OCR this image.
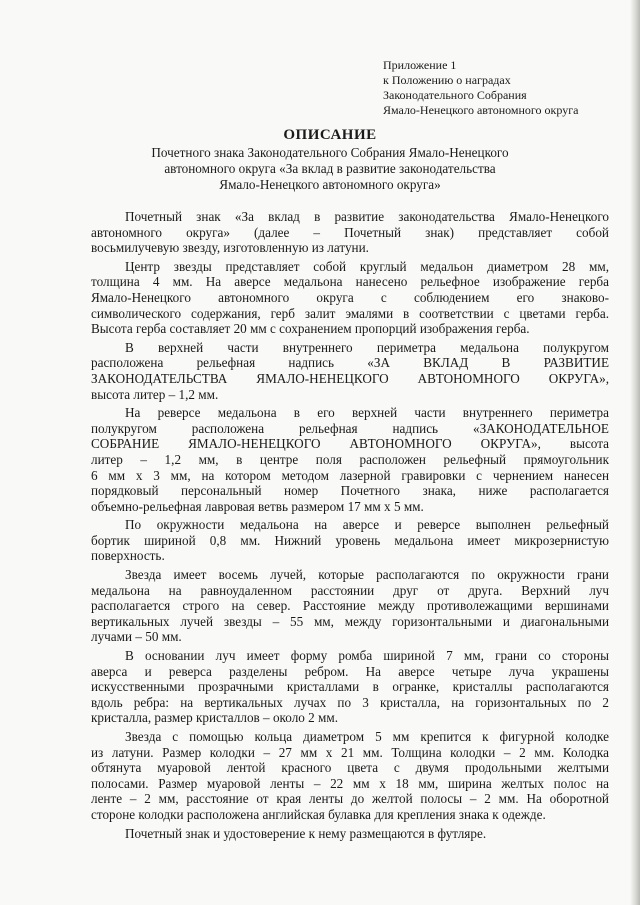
Приложение 1
к Положению о наградах
Законодательного Собрания
Ямало-Ненецкого автономного округа
ОПИСАНИЕ
Почетного знака Законодательного Собрания Ямало-Ненецкого
автономного округа «За вклад в развитие законодательства
Ямало-Ненецкого автономного округа»
Почетный знак «За вклад в развитие законодательства Ямало-Ненецкого
автономного округа» (далее – Почетный знак) представляет собой
восьмилучевую звезду, изготовленную из латуни.
Центр звезды представляет собой круглый медальон диаметром 28 мм,
толщина 4 мм. На аверсе медальона нанесено рельефное изображение герба
Ямало-Ненецкого автономного округа с соблюдением его знаково-
символического содержания, герб залит эмалями в соответствии с цветами герба.
Высота герба составляет 20 мм с сохранением пропорций изображения герба.
В верхней части внутреннего периметра медальона полукругом
расположена рельефная надпись «ЗА ВКЛАД В РАЗВИТИЕ
ЗАКОНОДАТЕЛЬСТВА ЯМАЛО-НЕНЕЦКОГО АВТОНОМНОГО ОКРУГА»,
высота литер – 1,2 мм.
На реверсе медальона в его верхней части внутреннего периметра
полукругом расположена рельефная надпись «ЗАКОНОДАТЕЛЬНОЕ
СОБРАНИЕ ЯМАЛО-НЕНЕЦКОГО АВТОНОМНОГО ОКРУГА», высота
литер – 1,2 мм, в центре поля расположен рельефный прямоугольник
6 мм х 3 мм, на котором методом лазерной гравировки с чернением нанесен
порядковый персональный номер Почетного знака, ниже располагается
объемно-рельефная лавровая ветвь размером 17 мм х 5 мм.
По окружности медальона на аверсе и реверсе выполнен рельефный
бортик шириной 0,8 мм. Нижний уровень медальона имеет микрозернистую
поверхность.
Звезда имеет восемь лучей, которые располагаются по окружности грани
медальона на равноудаленном расстоянии друг от друга. Верхний луч
располагается строго на север. Расстояние между противолежащими вершинами
вертикальных лучей звезды – 55 мм, между горизонтальными и диагональными
лучами – 50 мм.
В основании луч имеет форму ромба шириной 7 мм, грани со стороны
аверса и реверса разделены ребром. На аверсе четыре луча украшены
искусственными прозрачными кристаллами в огранке, кристаллы располагаются
вдоль ребра: на вертикальных лучах по 3 кристалла, на горизонтальных по 2
кристалла, размер кристаллов – около 2 мм.
Звезда с помощью кольца диаметром 5 мм крепится к фигурной колодке
из латуни. Размер колодки – 27 мм х 21 мм. Толщина колодки – 2 мм. Колодка
обтянута муаровой лентой красного цвета с двумя продольными желтыми
полосами. Размер муаровой ленты – 22 мм х 18 мм, ширина желтых полос на
ленте – 2 мм, расстояние от края ленты до желтой полосы – 2 мм. На оборотной
стороне колодки расположена английская булавка для крепления знака к одежде.
Почетный знак и удостоверение к нему размещаются в футляре.
